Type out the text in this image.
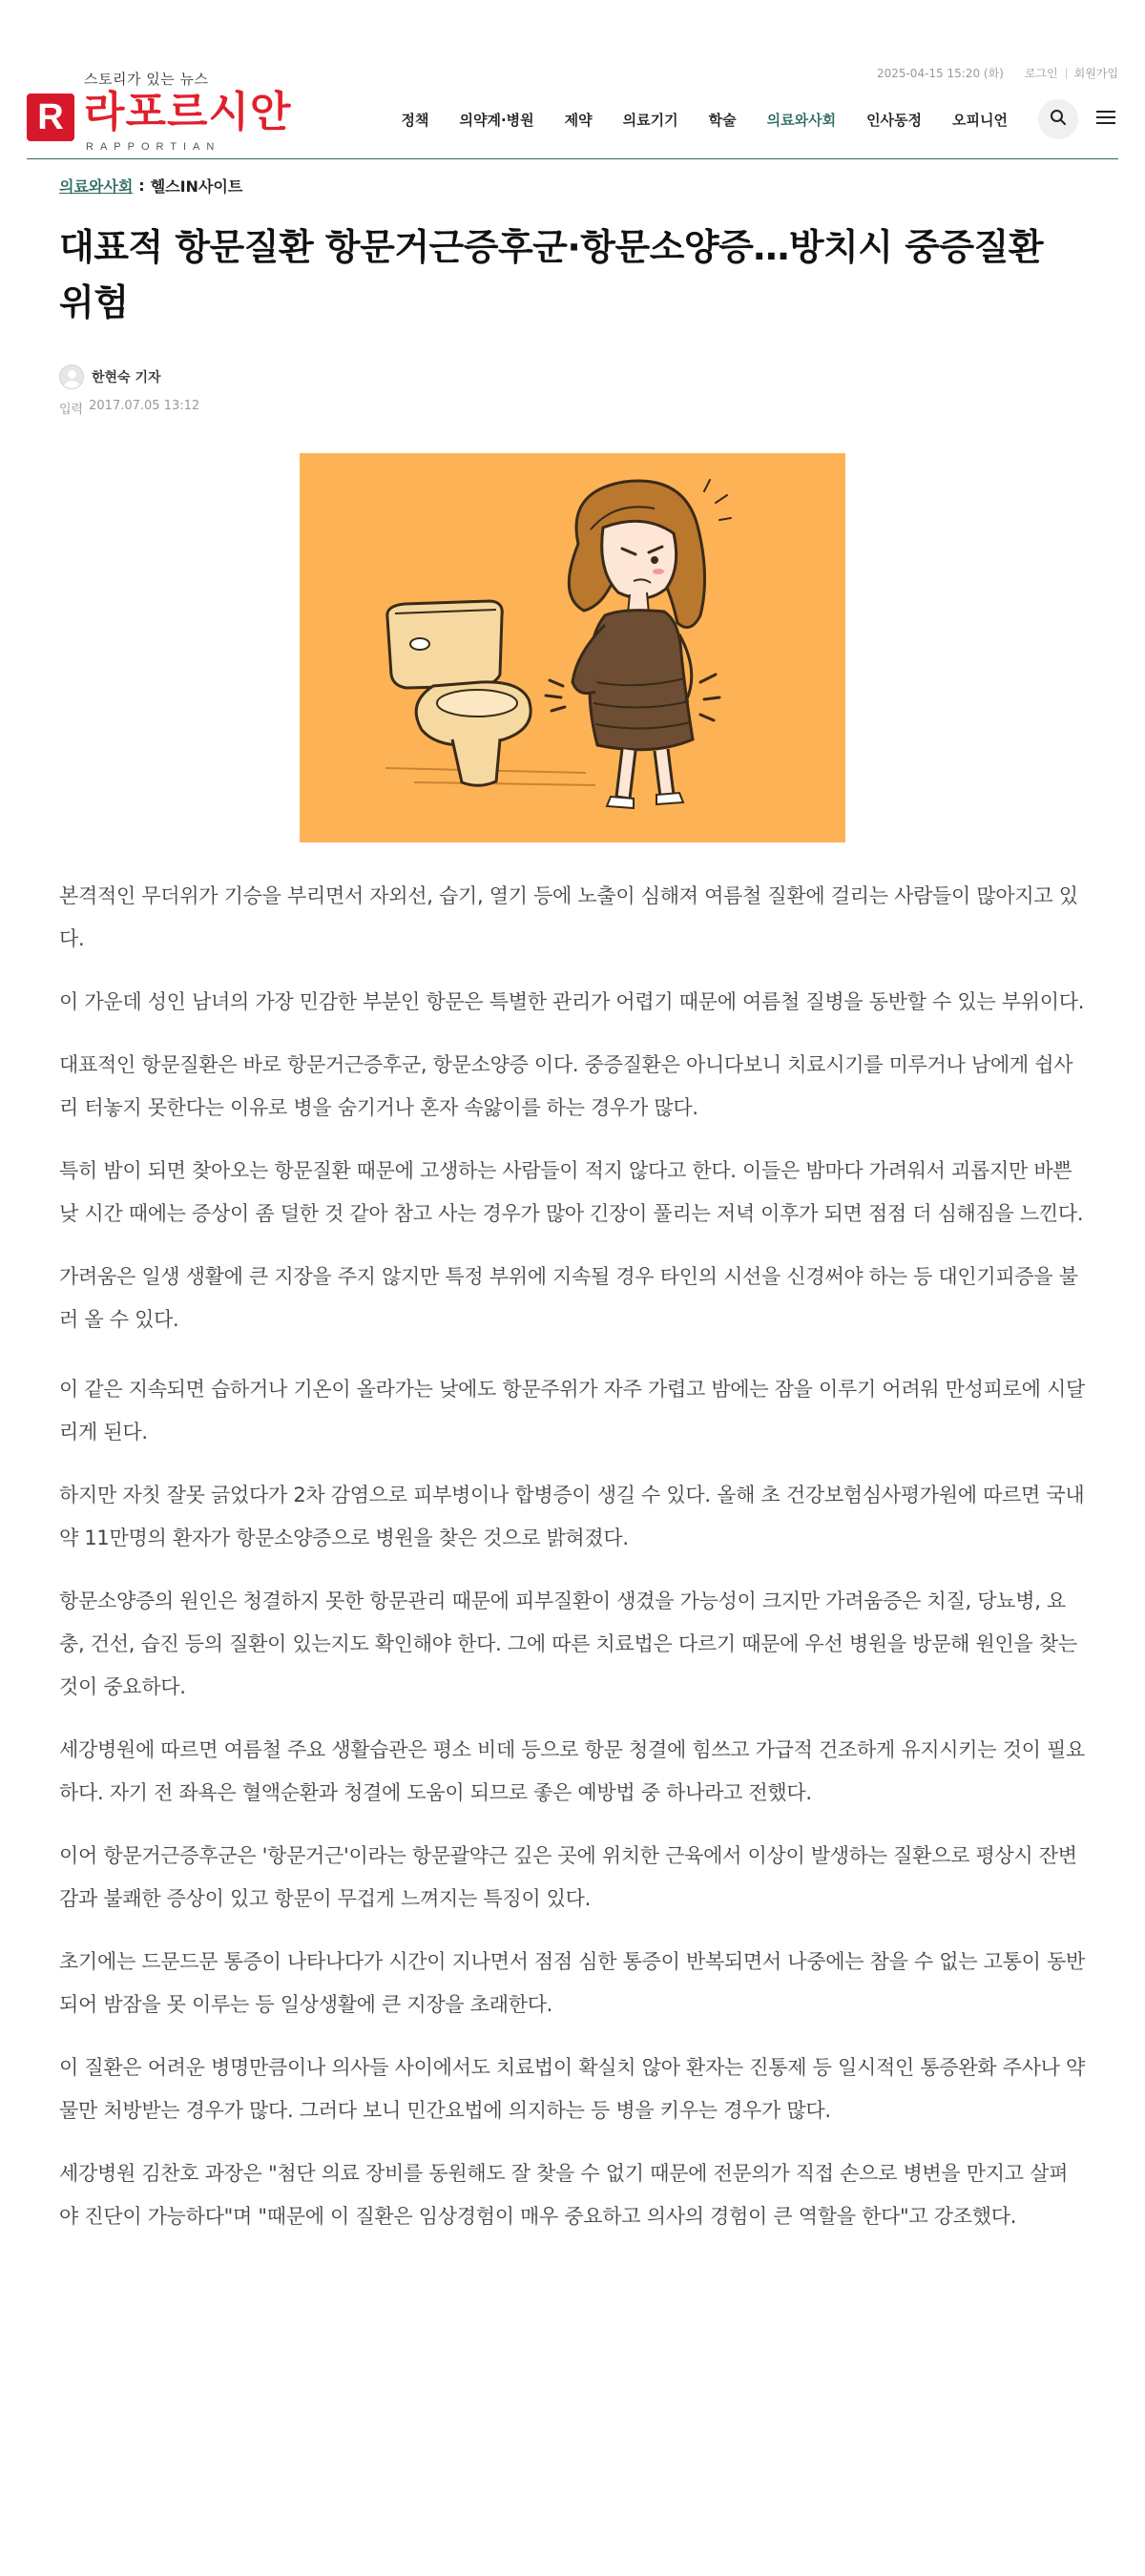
스토리가 있는 뉴스
R 라포르시안
RAPPORTIAN
2025-04-15 15:20 (화) 로그인 회원가입
정책 의약계·병원 제약 의료기기 학술 의료와사회 인사동정 오피니언
의료와사회 : 헬스IN사이트
대표적 항문질환 항문거근증후군·항문소양증…방치시 중증질환 위험
한현숙 기자
입력 2017.07.05 13:12

본격적인 무더위가 기승을 부리면서 자외선, 습기, 열기 등에 노출이 심해져 여름철 질환에 걸리는 사람들이 많아지고 있다.

이 가운데 성인 남녀의 가장 민감한 부분인 항문은 특별한 관리가 어렵기 때문에 여름철 질병을 동반할 수 있는 부위이다.

대표적인 항문질환은 바로 항문거근증후군, 항문소양증 이다. 중증질환은 아니다보니 치료시기를 미루거나 남에게 쉽사리 터놓지 못한다는 이유로 병을 숨기거나 혼자 속앓이를 하는 경우가 많다.

특히 밤이 되면 찾아오는 항문질환 때문에 고생하는 사람들이 적지 않다고 한다. 이들은 밤마다 가려워서 괴롭지만 바쁜 낮 시간 때에는 증상이 좀 덜한 것 같아 참고 사는 경우가 많아 긴장이 풀리는 저녁 이후가 되면 점점 더 심해짐을 느낀다.

가려움은 일생 생활에 큰 지장을 주지 않지만 특정 부위에 지속될 경우 타인의 시선을 신경써야 하는 등 대인기피증을 불러 올 수 있다.

이 같은 지속되면 습하거나 기온이 올라가는 낮에도 항문주위가 자주 가렵고 밤에는 잠을 이루기 어려워 만성피로에 시달리게 된다.

하지만 자칫 잘못 긁었다가 2차 감염으로 피부병이나 합병증이 생길 수 있다. 올해 초 건강보험심사평가원에 따르면 국내 약 11만명의 환자가 항문소양증으로 병원을 찾은 것으로 밝혀졌다.

항문소양증의 원인은 청결하지 못한 항문관리 때문에 피부질환이 생겼을 가능성이 크지만 가려움증은 치질, 당뇨병, 요충, 건선, 습진 등의 질환이 있는지도 확인해야 한다. 그에 따른 치료법은 다르기 때문에 우선 병원을 방문해 원인을 찾는 것이 중요하다.

세강병원에 따르면 여름철 주요 생활습관은 평소 비데 등으로 항문 청결에 힘쓰고 가급적 건조하게 유지시키는 것이 필요하다. 자기 전 좌욕은 혈액순환과 청결에 도움이 되므로 좋은 예방법 중 하나라고 전했다.

이어 항문거근증후군은 '항문거근'이라는 항문괄약근 깊은 곳에 위치한 근육에서 이상이 발생하는 질환으로 평상시 잔변감과 불쾌한 증상이 있고 항문이 무겁게 느껴지는 특징이 있다.

초기에는 드문드문 통증이 나타나다가 시간이 지나면서 점점 심한 통증이 반복되면서 나중에는 참을 수 없는 고통이 동반되어 밤잠을 못 이루는 등 일상생활에 큰 지장을 초래한다.

이 질환은 어려운 병명만큼이나 의사들 사이에서도 치료법이 확실치 않아 환자는 진통제 등 일시적인 통증완화 주사나 약물만 처방받는 경우가 많다. 그러다 보니 민간요법에 의지하는 등 병을 키우는 경우가 많다.

세강병원 김찬호 과장은 "첨단 의료 장비를 동원해도 잘 찾을 수 없기 때문에 전문의가 직접 손으로 병변을 만지고 살펴야 진단이 가능하다"며 "때문에 이 질환은 임상경험이 매우 중요하고 의사의 경험이 큰 역할을 한다"고 강조했다.
